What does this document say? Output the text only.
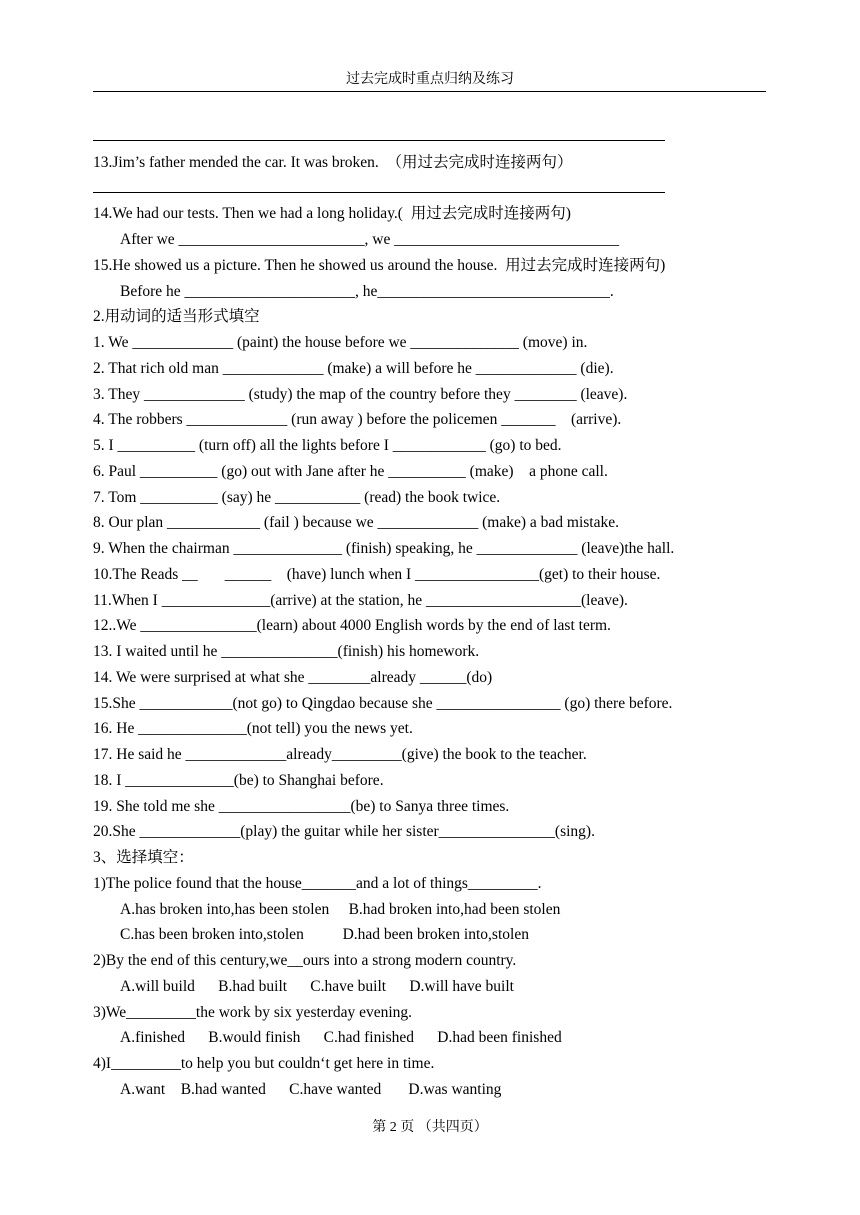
过去完成时重点归纳及练习
13.Jim’s father mended the car. It was broken.  （用过去完成时连接两句）
14.We had our tests. Then we had a long holiday.(  用过去完成时连接两句)
After we ________________________, we _____________________________
15.He showed us a picture. Then he showed us around the house.  用过去完成时连接两句)
Before he ______________________, he______________________________.
2.用动词的适当形式填空
1. We _____________ (paint) the house before we ______________ (move) in.
2. That rich old man _____________ (make) a will before he _____________ (die).
3. They _____________ (study) the map of the country before they ________ (leave).
4. The robbers _____________ (run away ) before the policemen _______    (arrive).
5. I __________ (turn off) all the lights before I ____________ (go) to bed.
6. Paul __________ (go) out with Jane after he __________ (make)    a phone call.
7. Tom __________ (say) he ___________ (read) the book twice.
8. Our plan ____________ (fail ) because we _____________ (make) a bad mistake.
9. When the chairman ______________ (finish) speaking, he _____________ (leave)the hall.
10.The Reads __       ______    (have) lunch when I ________________(get) to their house.
11.When I ______________(arrive) at the station, he ____________________(leave).
12..We _______________(learn) about 4000 English words by the end of last term.
13. I waited until he _______________(finish) his homework.
14. We were surprised at what she ________already ______(do)
15.She ____________(not go) to Qingdao because she ________________ (go) there before.
16. He ______________(not tell) you the news yet.
17. He said he _____________already_________(give) the book to the teacher.
18. I ______________(be) to Shanghai before.
19. She told me she _________________(be) to Sanya three times.
20.She _____________(play) the guitar while her sister_______________(sing).
3、选择填空：
1)The police found that the house_______and a lot of things_________.
A.has broken into,has been stolen     B.had broken into,had been stolen
C.has been broken into,stolen          D.had been broken into,stolen
2)By the end of this century,we__ours into a strong modern country.
A.will build      B.had built      C.have built      D.will have built
3)We_________the work by six yesterday evening.
A.finished      B.would finish      C.had finished      D.had been finished
4)I_________to help you but couldn‘t get here in time.
A.want    B.had wanted      C.have wanted       D.was wanting
第 2 页 （共四页）
